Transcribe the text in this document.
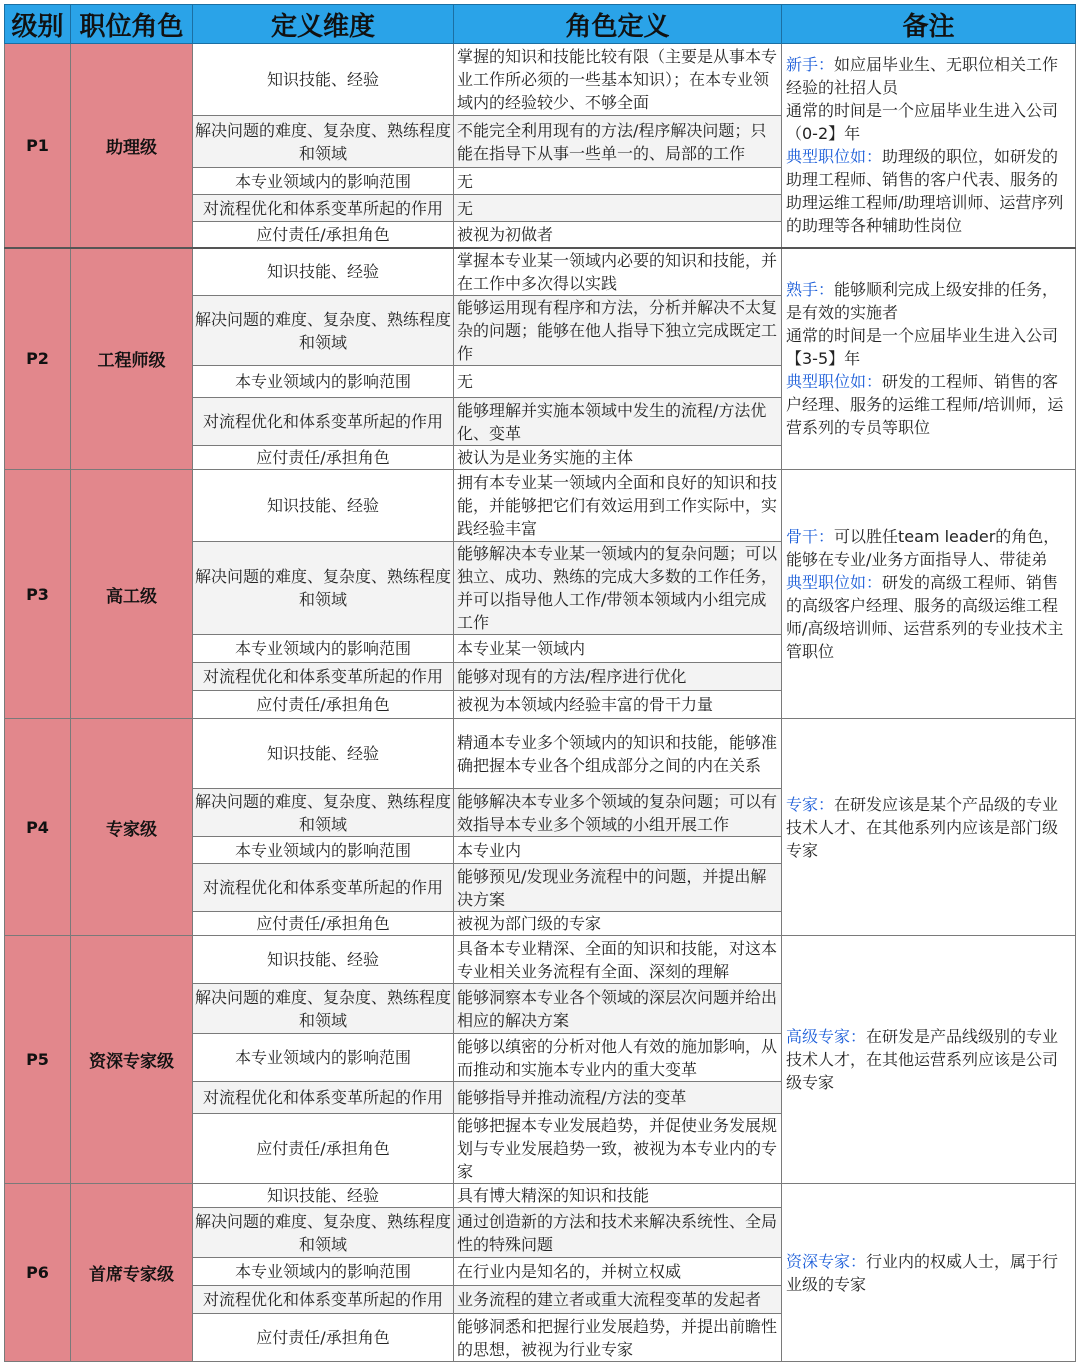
级别	职位角色	定义维度	角色定义	备注
P1	助理级	知识技能、经验	掌握的知识和技能比较有限（主要是从事本专业工作所必须的一些基本知识）；在本专业领域内的经验较少、不够全面	新手：如应届毕业生、无职位相关工作经验的社招人员
通常的时间是一个应届毕业生进入公司（0-2】年
典型职位如：助理级的职位，如研发的助理工程师、销售的客户代表、服务的助理运维工程师/助理培训师、运营序列的助理等各种辅助性岗位
		解决问题的难度、复杂度、熟练程度和领域	不能完全利用现有的方法/程序解决问题；只能在指导下从事一些单一的、局部的工作	
		本专业领域内的影响范围	无	
		对流程优化和体系变革所起的作用	无	
		应付责任/承担角色	被视为初做者	
P2	工程师级	知识技能、经验	掌握本专业某一领域内必要的知识和技能，并在工作中多次得以实践	熟手：能够顺利完成上级安排的任务，是有效的实施者
通常的时间是一个应届毕业生进入公司【3-5】年
典型职位如：研发的工程师、销售的客户经理、服务的运维工程师/培训师，运营系列的专员等职位
		解决问题的难度、复杂度、熟练程度和领域	能够运用现有程序和方法，分析并解决不太复杂的问题；能够在他人指导下独立完成既定工作	
		本专业领域内的影响范围	无	
		对流程优化和体系变革所起的作用	能够理解并实施本领域中发生的流程/方法优化、变革	
		应付责任/承担角色	被认为是业务实施的主体	
P3	高工级	知识技能、经验	拥有本专业某一领域内全面和良好的知识和技能，并能够把它们有效运用到工作实际中，实践经验丰富	骨干：可以胜任team leader的角色，能够在专业/业务方面指导人、带徒弟
典型职位如：研发的高级工程师、销售的高级客户经理、服务的高级运维工程师/高级培训师、运营系列的专业技术主管职位
		解决问题的难度、复杂度、熟练程度和领域	能够解决本专业某一领域内的复杂问题；可以独立、成功、熟练的完成大多数的工作任务，并可以指导他人工作/带领本领域内小组完成工作	
		本专业领域内的影响范围	本专业某一领域内	
		对流程优化和体系变革所起的作用	能够对现有的方法/程序进行优化	
		应付责任/承担角色	被视为本领域内经验丰富的骨干力量	
P4	专家级	知识技能、经验	精通本专业多个领域内的知识和技能，能够准确把握本专业各个组成部分之间的内在关系	专家：在研发应该是某个产品级的专业技术人才、在其他系列内应该是部门级专家
		解决问题的难度、复杂度、熟练程度和领域	能够解决本专业多个领域的复杂问题；可以有效指导本专业多个领域的小组开展工作	
		本专业领域内的影响范围	本专业内	
		对流程优化和体系变革所起的作用	能够预见/发现业务流程中的问题，并提出解决方案	
		应付责任/承担角色	被视为部门级的专家	
P5	资深专家级	知识技能、经验	具备本专业精深、全面的知识和技能，对这本专业相关业务流程有全面、深刻的理解	高级专家：在研发是产品线级别的专业技术人才，在其他运营系列应该是公司级专家
		解决问题的难度、复杂度、熟练程度和领域	能够洞察本专业各个领域的深层次问题并给出相应的解决方案	
		本专业领域内的影响范围	能够以缜密的分析对他人有效的施加影响，从而推动和实施本专业内的重大变革	
		对流程优化和体系变革所起的作用	能够指导并推动流程/方法的变革	
		应付责任/承担角色	能够把握本专业发展趋势，并促使业务发展规划与专业发展趋势一致，被视为本专业内的专家	
P6	首席专家级	知识技能、经验	具有博大精深的知识和技能	资深专家：行业内的权威人士，属于行业级的专家
		解决问题的难度、复杂度、熟练程度和领域	通过创造新的方法和技术来解决系统性、全局性的特殊问题	
		本专业领域内的影响范围	在行业内是知名的，并树立权威	
		对流程优化和体系变革所起的作用	业务流程的建立者或重大流程变革的发起者	
		应付责任/承担角色	能够洞悉和把握行业发展趋势，并提出前瞻性的思想，被视为行业专家	
